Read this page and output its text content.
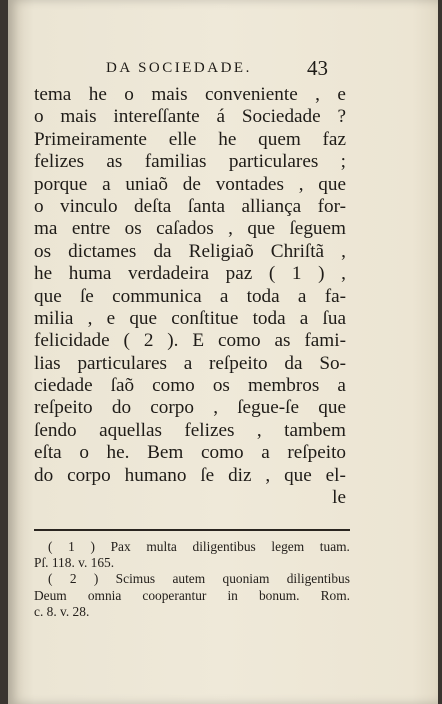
DA SOCIEDADE.	43
tema he o mais conveniente , e
o mais intereſſante á Sociedade ?
Primeiramente elle he quem faz
felizes as familias particulares ;
porque a uniaõ de vontades , que
o vinculo deſta ſanta alliança for-
ma entre os caſados , que ſeguem
os dictames da Religiaõ Chriſtã ,
he huma verdadeira paz ( 1 ) ,
que ſe communica a toda a fa-
milia , e que conſtitue toda a ſua
felicidade ( 2 ). E como as fami-
lias particulares a reſpeito da So-
ciedade ſaõ como os membros a
reſpeito do corpo , ſegue-ſe que
ſendo aquellas felizes , tambem
eſta o he. Bem como a reſpeito
do corpo humano ſe diz , que el-
le
( 1 ) Pax multa diligentibus legem tuam.
Pſ. 118. v. 165.
( 2 ) Scimus autem quoniam diligentibus
Deum omnia cooperantur in bonum. Rom.
c. 8. v. 28.
